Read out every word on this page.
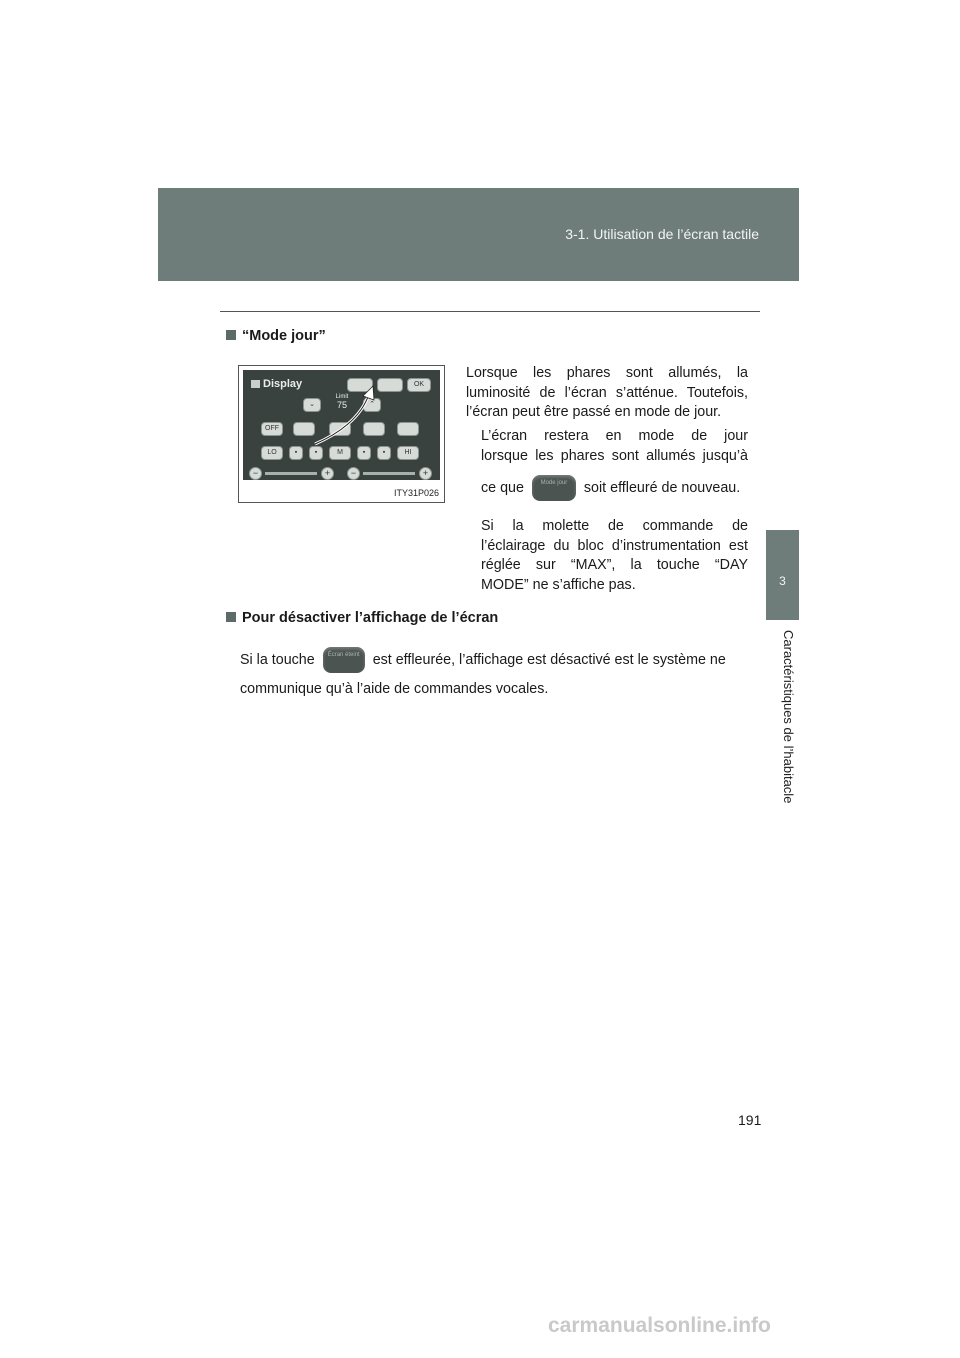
3-1. Utilisation de l’écran tactile
3
Caractéristiques de l’habitacle
“Mode jour”
Display	OK
⌄
Limit
75	⌃
OFF
LO	▪	▪	M	▪	▪	HI
−	+	−	+
ITY31P026
Lorsque les phares sont allumés, la
luminosité de l’écran s’atténue. Toutefois,
l’écran peut être passé en mode de jour.
L’écran restera en mode de jour
lorsque les phares sont allumés jusqu’à
ce que	Mode jour	soit effleuré de nouveau.
Si la molette de commande de
l’éclairage du bloc d’instrumentation est
réglée sur “MAX”, la touche “DAY
MODE” ne s’affiche pas.
Pour désactiver l’affichage de l’écran
Si la touche	Écran éteint est effleurée, l’affichage est désactivé est le système ne
communique qu’à l’aide de commandes vocales.
191
carmanualsonline.info
